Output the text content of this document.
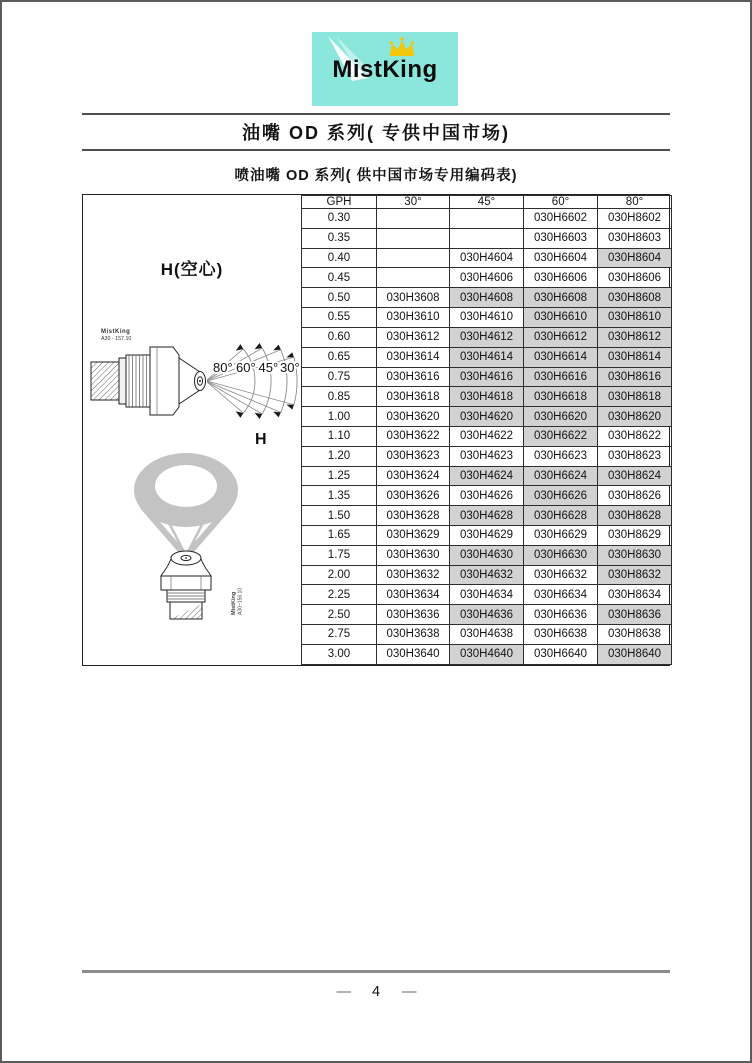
MistKing
油嘴 OD 系列( 专供中国市场)
喷油嘴 OD 系列( 供中国市场专用编码表)
MistKing
A30 - 157.10
80° 60° 45° 30°
MistKing A30~156.10
H(空心)
H
GPH	30°	45°	60°	80°
0.30			030H6602	030H8602
0.35			030H6603	030H8603
0.40		030H4604	030H6604	030H8604
0.45		030H4606	030H6606	030H8606
0.50	030H3608	030H4608	030H6608	030H8608
0.55	030H3610	030H4610	030H6610	030H8610
0.60	030H3612	030H4612	030H6612	030H8612
0.65	030H3614	030H4614	030H6614	030H8614
0.75	030H3616	030H4616	030H6616	030H8616
0.85	030H3618	030H4618	030H6618	030H8618
1.00	030H3620	030H4620	030H6620	030H8620
1.10	030H3622	030H4622	030H6622	030H8622
1.20	030H3623	030H4623	030H6623	030H8623
1.25	030H3624	030H4624	030H6624	030H8624
1.35	030H3626	030H4626	030H6626	030H8626
1.50	030H3628	030H4628	030H6628	030H8628
1.65	030H3629	030H4629	030H6629	030H8629
1.75	030H3630	030H4630	030H6630	030H8630
2.00	030H3632	030H4632	030H6632	030H8632
2.25	030H3634	030H4634	030H6634	030H8634
2.50	030H3636	030H4636	030H6636	030H8636
2.75	030H3638	030H4638	030H6638	030H8638
3.00	030H3640	030H4640	030H6640	030H8640
— 4 —
